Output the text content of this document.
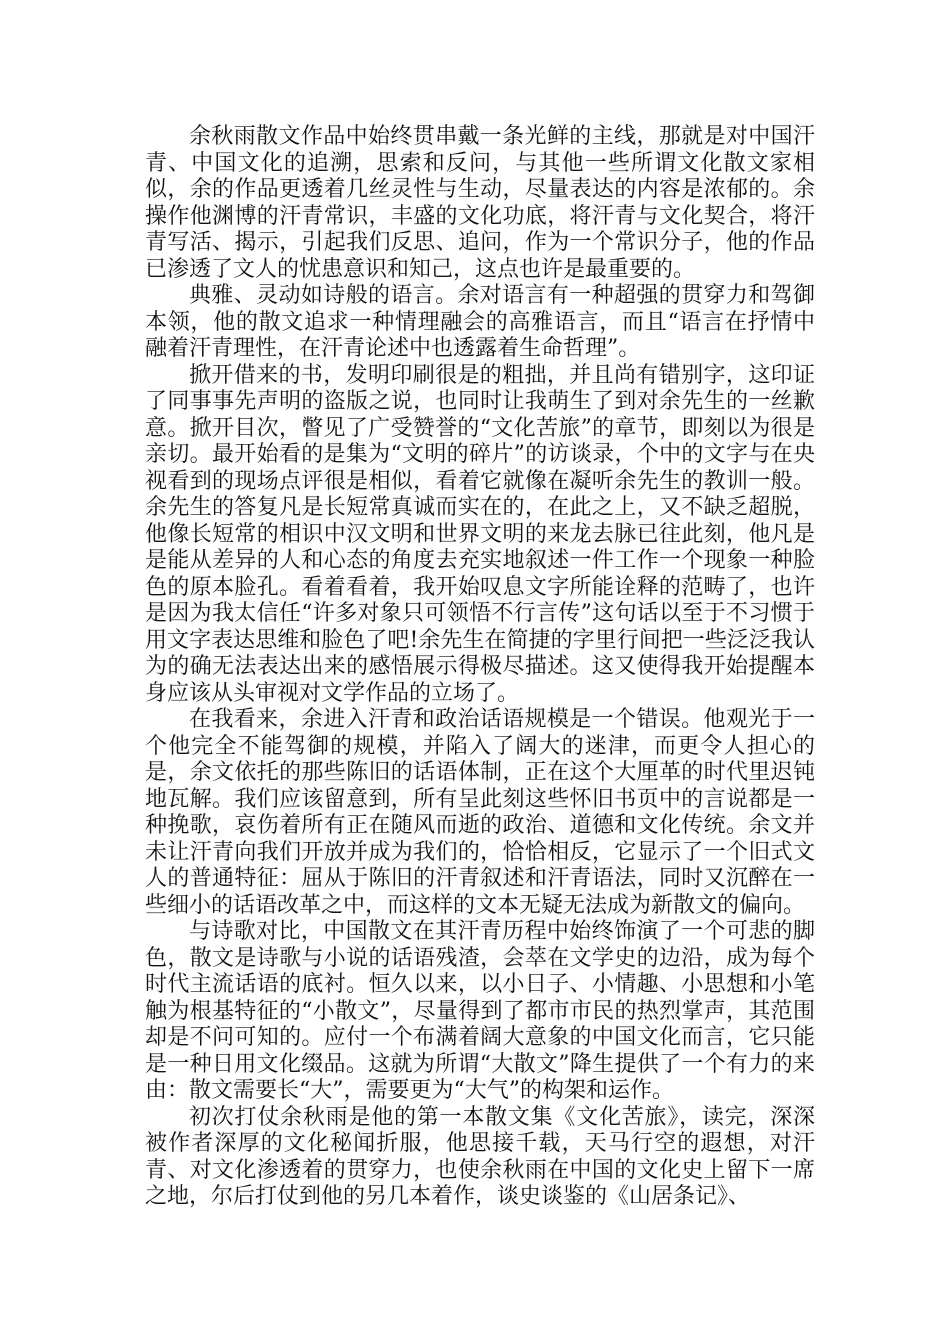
余秋雨散文作品中始终贯串戴一条光鲜的主线，那就是对中国汗青、中国文化的追溯，思索和反问，与其他一些所谓文化散文家相似，余的作品更透着几丝灵性与生动，尽量表达的内容是浓郁的。余操作他渊博的汗青常识，丰盛的文化功底，将汗青与文化契合，将汗青写活、揭示，引起我们反思、追问，作为一个常识分子，他的作品已渗透了文人的忧患意识和知己，这点也许是最重要的。

典雅、灵动如诗般的语言。余对语言有一种超强的贯穿力和驾御本领，他的散文追求一种情理融会的高雅语言，而且“语言在抒情中融着汗青理性，在汗青论述中也透露着生命哲理”。

掀开借来的书，发明印刷很是的粗拙，并且尚有错别字，这印证了同事事先声明的盗版之说，也同时让我萌生了到对余先生的一丝歉意。掀开目次，瞥见了广受赞誉的“文化苦旅”的章节，即刻以为很是亲切。最开始看的是集为“文明的碎片”的访谈录，个中的文字与在央视看到的现场点评很是相似，看着它就像在凝听余先生的教训一般。余先生的答复凡是长短常真诚而实在的，在此之上，又不缺乏超脱，他像长短常的相识中汉文明和世界文明的来龙去脉已往此刻，他凡是是能从差异的人和心态的角度去充实地叙述一件工作一个现象一种脸色的原本脸孔。看着看着，我开始叹息文字所能诠释的范畴了，也许是因为我太信任“许多对象只可领悟不行言传”这句话以至于不习惯于用文字表达思维和脸色了吧!余先生在简捷的字里行间把一些泛泛我认为的确无法表达出来的感悟展示得极尽描述。这又使得我开始提醒本身应该从头审视对文学作品的立场了。

在我看来，余进入汗青和政治话语规模是一个错误。他观光于一个他完全不能驾御的规模，并陷入了阔大的迷津，而更令人担心的是，余文依托的那些陈旧的话语体制，正在这个大厘革的时代里迟钝地瓦解。我们应该留意到，所有呈此刻这些怀旧书页中的言说都是一种挽歌，哀伤着所有正在随风而逝的政治、道德和文化传统。余文并未让汗青向我们开放并成为我们的，恰恰相反，它显示了一个旧式文人的普通特征：屈从于陈旧的汗青叙述和汗青语法，同时又沉醉在一些细小的话语改革之中，而这样的文本无疑无法成为新散文的偏向。

与诗歌对比，中国散文在其汗青历程中始终饰演了一个可悲的脚色，散文是诗歌与小说的话语残渣，会萃在文学史的边沿，成为每个时代主流话语的底衬。恒久以来，以小日子、小情趣、小思想和小笔触为根基特征的“小散文”，尽量得到了都市市民的热烈掌声，其范围却是不问可知的。应付一个布满着阔大意象的中国文化而言，它只能是一种日用文化缀品。这就为所谓“大散文”降生提供了一个有力的来由：散文需要长“大”，需要更为“大气”的构架和运作。

初次打仗余秋雨是他的第一本散文集《文化苦旅》，读完，深深被作者深厚的文化秘闻折服，他思接千载，天马行空的遐想，对汗青、对文化渗透着的贯穿力，也使余秋雨在中国的文化史上留下一席之地，尔后打仗到他的另几本着作，谈史谈鉴的《山居条记》、
